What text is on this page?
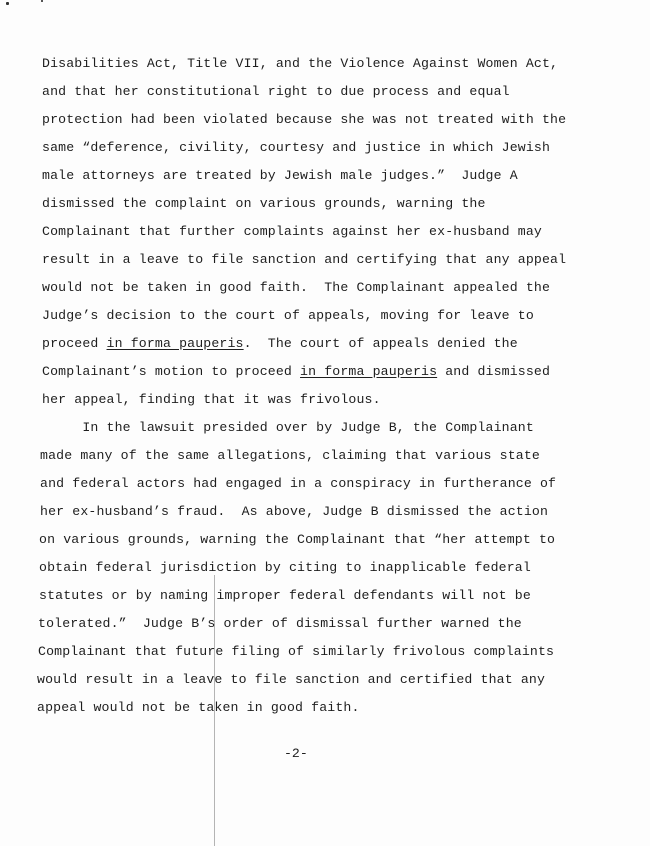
Disabilities Act, Title VII, and the Violence Against Women Act,
and that her constitutional right to due process and equal
protection had been violated because she was not treated with the
same “deference, civility, courtesy and justice in which Jewish
male attorneys are treated by Jewish male judges.”  Judge A
dismissed the complaint on various grounds, warning the
Complainant that further complaints against her ex-husband may
result in a leave to file sanction and certifying that any appeal
would not be taken in good faith.  The Complainant appealed the
Judge’s decision to the court of appeals, moving for leave to
proceed in forma pauperis.  The court of appeals denied the
Complainant’s motion to proceed in forma pauperis and dismissed
her appeal, finding that it was frivolous.
In the lawsuit presided over by Judge B, the Complainant
made many of the same allegations, claiming that various state
and federal actors had engaged in a conspiracy in furtherance of
her ex-husband’s fraud.  As above, Judge B dismissed the action
on various grounds, warning the Complainant that “her attempt to
obtain federal jurisdiction by citing to inapplicable federal
statutes or by naming improper federal defendants will not be
tolerated.”  Judge B’s order of dismissal further warned the
Complainant that future filing of similarly frivolous complaints
would result in a leave to file sanction and certified that any
appeal would not be taken in good faith.
-2-
